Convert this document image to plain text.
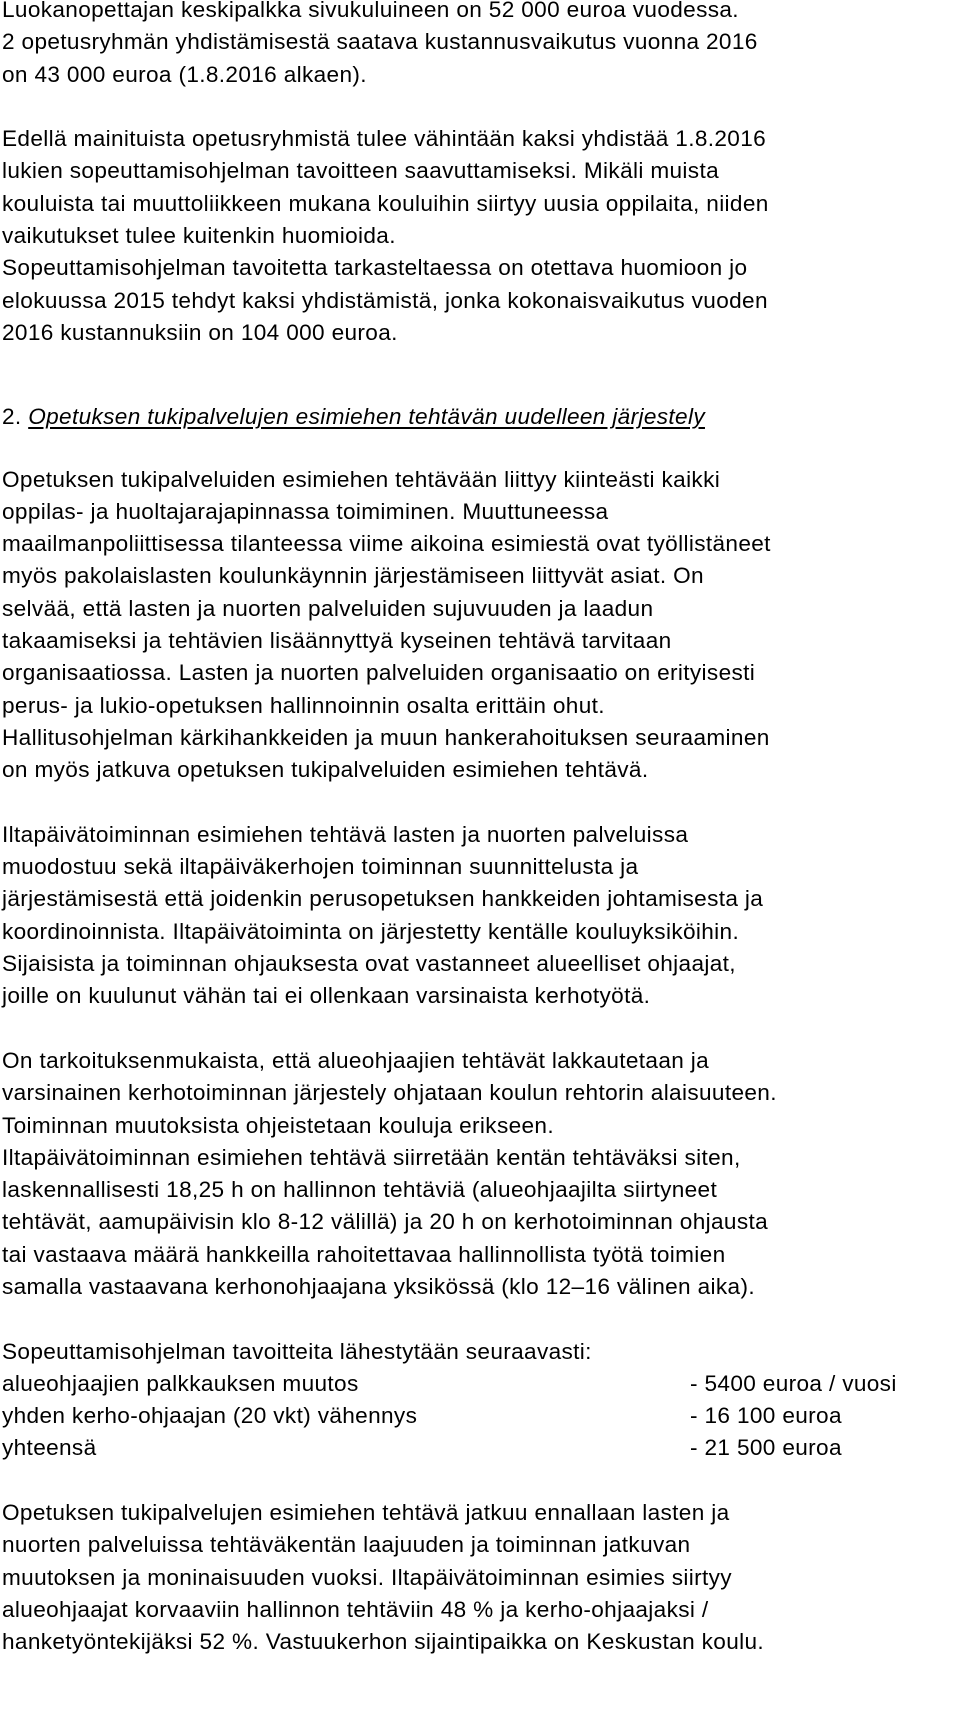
Luokanopettajan keskipalkka sivukuluineen on 52 000 euroa vuodessa.
2 opetusryhmän yhdistämisestä saatava kustannusvaikutus vuonna 2016
on 43 000 euroa (1.8.2016 alkaen).
Edellä mainituista opetusryhmistä tulee vähintään kaksi yhdistää 1.8.2016
lukien sopeuttamisohjelman tavoitteen saavuttamiseksi. Mikäli muista
kouluista tai muuttoliikkeen mukana kouluihin siirtyy uusia oppilaita, niiden
vaikutukset tulee kuitenkin huomioida.
Sopeuttamisohjelman tavoitetta tarkasteltaessa on otettava huomioon jo
elokuussa 2015 tehdyt kaksi yhdistämistä, jonka kokonaisvaikutus vuoden
2016 kustannuksiin on 104 000 euroa.
2. Opetuksen tukipalvelujen esimiehen tehtävän uudelleen järjestely
Opetuksen tukipalveluiden esimiehen tehtävään liittyy kiinteästi kaikki
oppilas- ja huoltajarajapinnassa toimiminen. Muuttuneessa
maailmanpoliittisessa tilanteessa viime aikoina esimiestä ovat työllistäneet
myös pakolaislasten koulunkäynnin järjestämiseen liittyvät asiat. On
selvää, että lasten ja nuorten palveluiden sujuvuuden ja laadun
takaamiseksi ja tehtävien lisäännyttyä kyseinen tehtävä tarvitaan
organisaatiossa. Lasten ja nuorten palveluiden organisaatio on erityisesti
perus- ja lukio-opetuksen hallinnoinnin osalta erittäin ohut.
Hallitusohjelman kärkihankkeiden ja muun hankerahoituksen seuraaminen
on myös jatkuva opetuksen tukipalveluiden esimiehen tehtävä.
Iltapäivätoiminnan esimiehen tehtävä lasten ja nuorten palveluissa
muodostuu sekä iltapäiväkerhojen toiminnan suunnittelusta ja
järjestämisestä että joidenkin perusopetuksen hankkeiden johtamisesta ja
koordinoinnista. Iltapäivätoiminta on järjestetty kentälle kouluyksiköihin.
Sijaisista ja toiminnan ohjauksesta ovat vastanneet alueelliset ohjaajat,
joille on kuulunut vähän tai ei ollenkaan varsinaista kerhotyötä.
On tarkoituksenmukaista, että alueohjaajien tehtävät lakkautetaan ja
varsinainen kerhotoiminnan järjestely ohjataan koulun rehtorin alaisuuteen.
Toiminnan muutoksista ohjeistetaan kouluja erikseen.
Iltapäivätoiminnan esimiehen tehtävä siirretään kentän tehtäväksi siten,
laskennallisesti 18,25 h on hallinnon tehtäviä (alueohjaajilta siirtyneet
tehtävät, aamupäivisin klo 8-12 välillä) ja 20 h on kerhotoiminnan ohjausta
tai vastaava määrä hankkeilla rahoitettavaa hallinnollista työtä toimien
samalla vastaavana kerhonohjaajana yksikössä (klo 12–16 välinen aika).
Sopeuttamisohjelman tavoitteita lähestytään seuraavasti:
alueohjaajien palkkauksen muutos	- 5400 euroa / vuosi
yhden kerho-ohjaajan (20 vkt) vähennys	- 16 100 euroa
yhteensä	- 21 500 euroa
Opetuksen tukipalvelujen esimiehen tehtävä jatkuu ennallaan lasten ja
nuorten palveluissa tehtäväkentän laajuuden ja toiminnan jatkuvan
muutoksen ja moninaisuuden vuoksi. Iltapäivätoiminnan esimies siirtyy
alueohjaajat korvaaviin hallinnon tehtäviin 48 % ja kerho-ohjaajaksi /
hanketyöntekijäksi 52 %. Vastuukerhon sijaintipaikka on Keskustan koulu.
